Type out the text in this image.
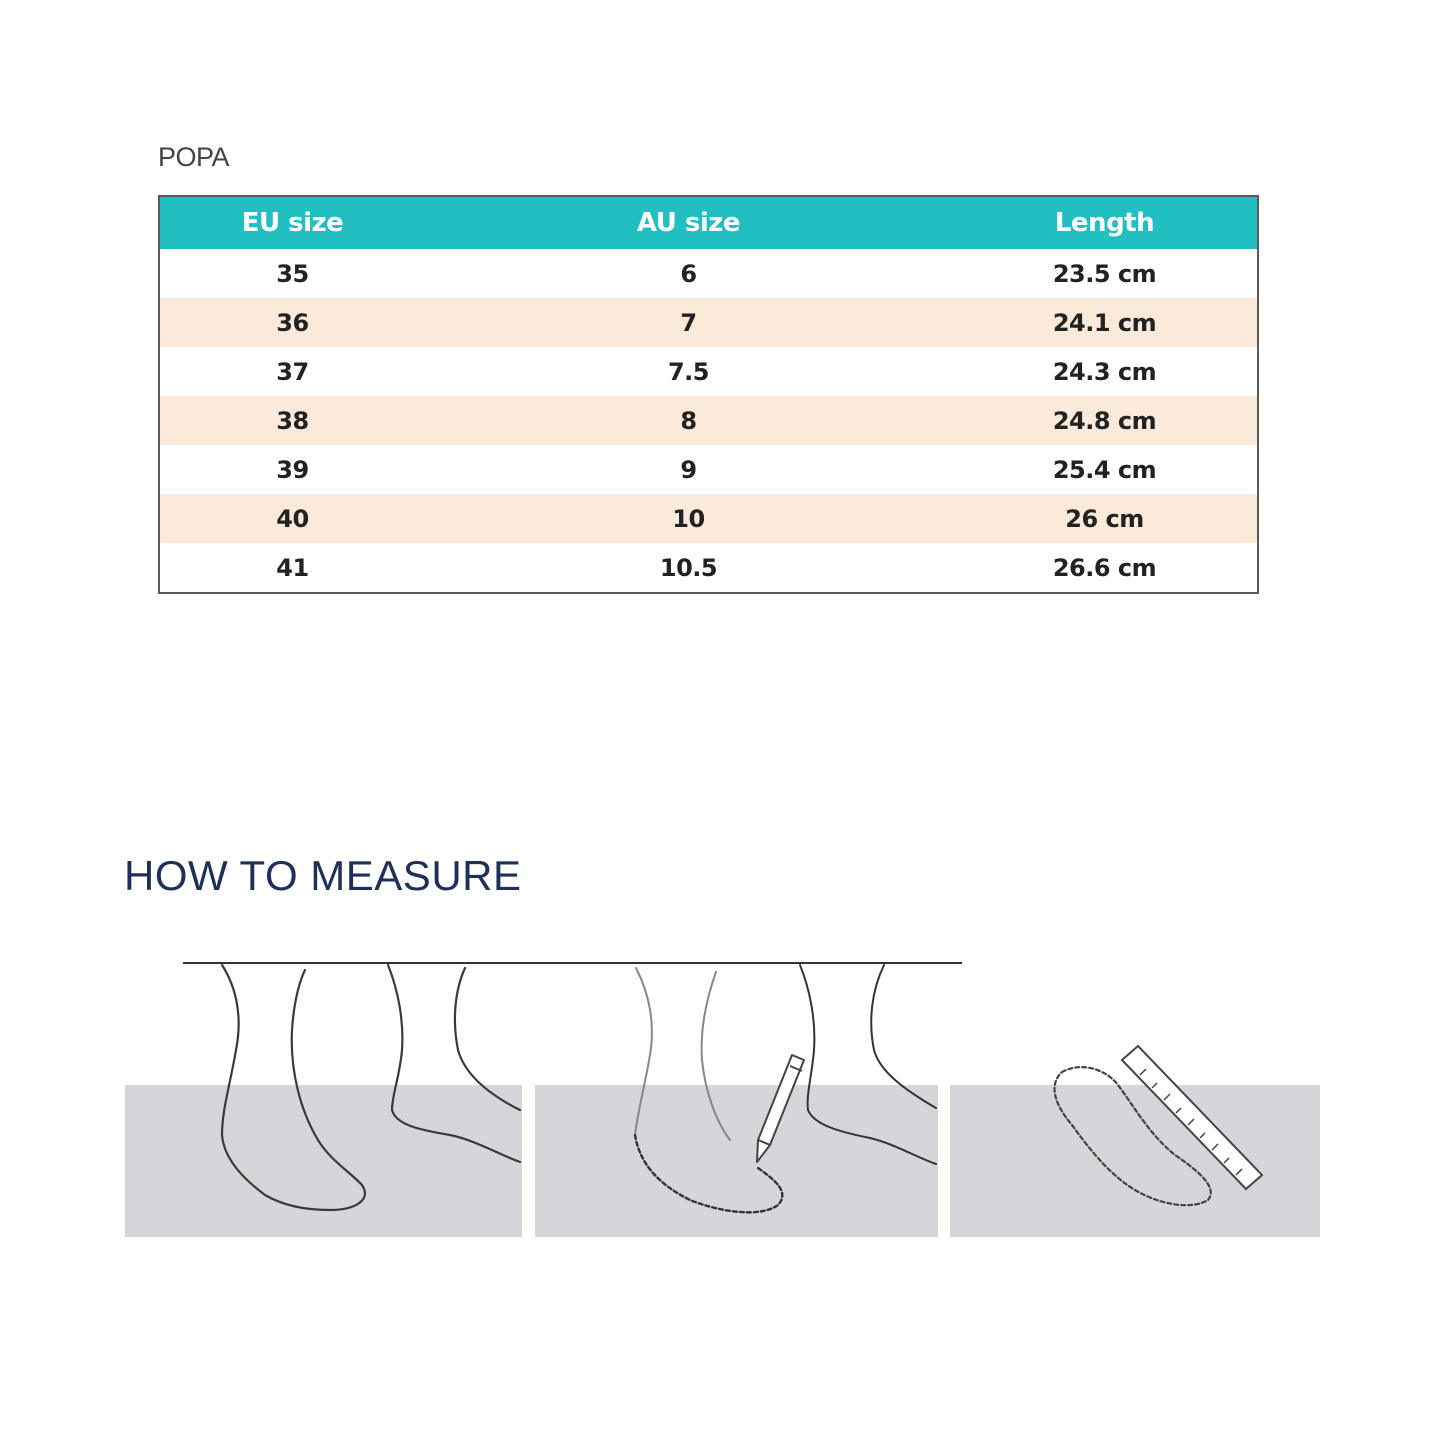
POPA
EU size	AU size	Length
35	6	23.5 cm
36	7	24.1 cm
37	7.5	24.3 cm
38	8	24.8 cm
39	9	25.4 cm
40	10	26 cm
41	10.5	26.6 cm
HOW TO MEASURE
